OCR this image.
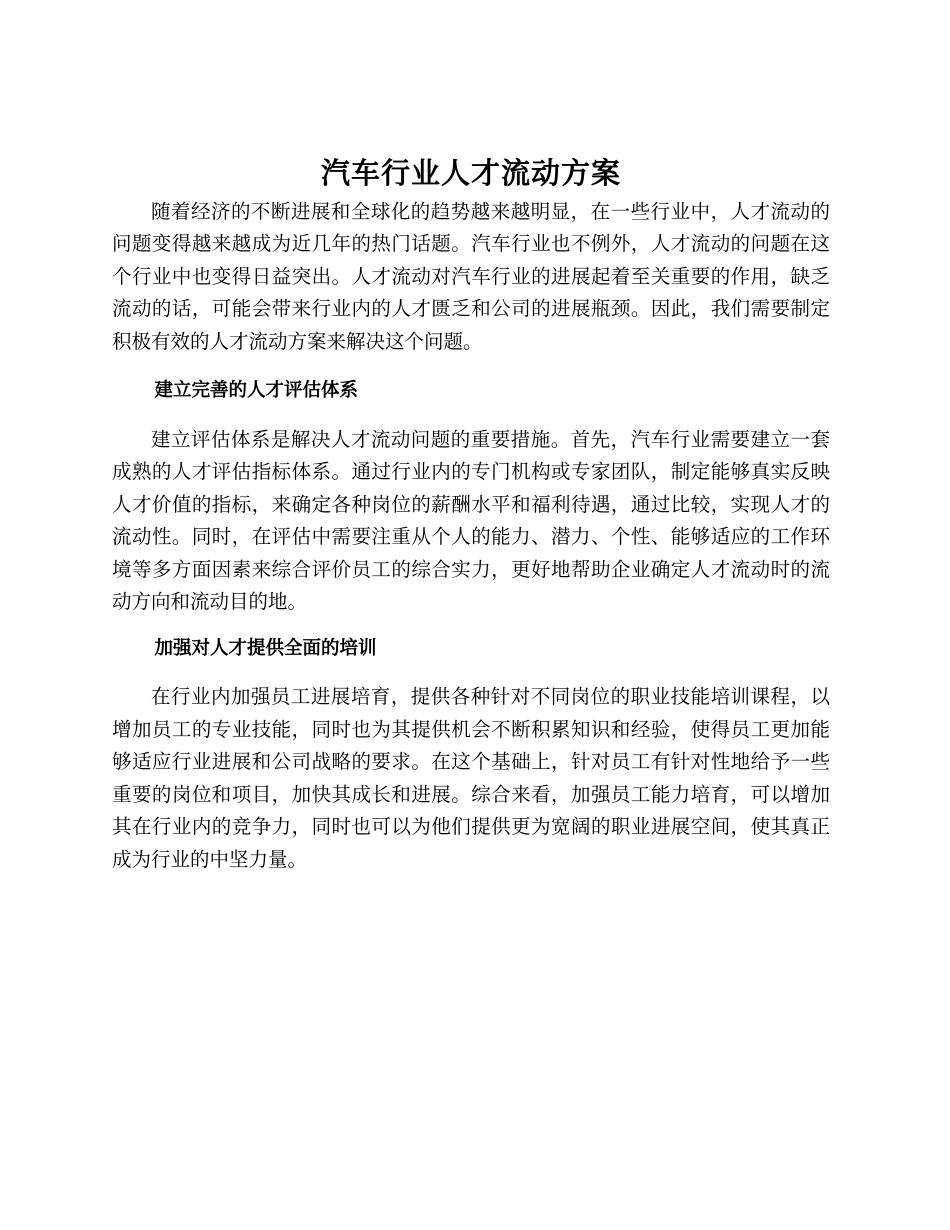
汽车行业人才流动方案

随着经济的不断进展和全球化的趋势越来越明显，在一些行业中，人才流动的问题变得越来越成为近几年的热门话题。汽车行业也不例外，人才流动的问题在这个行业中也变得日益突出。人才流动对汽车行业的进展起着至关重要的作用，缺乏流动的话，可能会带来行业内的人才匮乏和公司的进展瓶颈。因此，我们需要制定积极有效的人才流动方案来解决这个问题。

建立完善的人才评估体系

建立评估体系是解决人才流动问题的重要措施。首先，汽车行业需要建立一套成熟的人才评估指标体系。通过行业内的专门机构或专家团队，制定能够真实反映人才价值的指标，来确定各种岗位的薪酬水平和福利待遇，通过比较，实现人才的流动性。同时，在评估中需要注重从个人的能力、潜力、个性、能够适应的工作环境等多方面因素来综合评价员工的综合实力，更好地帮助企业确定人才流动时的流动方向和流动目的地。

加强对人才提供全面的培训

在行业内加强员工进展培育，提供各种针对不同岗位的职业技能培训课程，以增加员工的专业技能，同时也为其提供机会不断积累知识和经验，使得员工更加能够适应行业进展和公司战略的要求。在这个基础上，针对员工有针对性地给予一些重要的岗位和项目，加快其成长和进展。综合来看，加强员工能力培育，可以增加其在行业内的竞争力，同时也可以为他们提供更为宽阔的职业进展空间，使其真正成为行业的中坚力量。
